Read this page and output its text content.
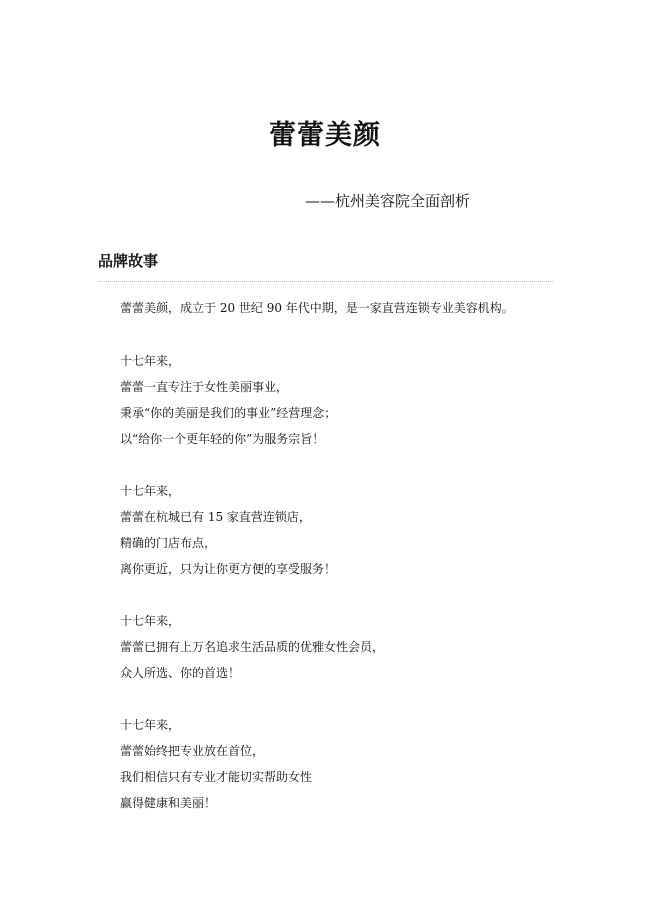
蕾蕾美颜

——杭州美容院全面剖析

品牌故事

蕾蕾美颜，成立于 20 世纪 90 年代中期，是一家直营连锁专业美容机构。

十七年来，

蕾蕾一直专注于女性美丽事业，

秉承“你的美丽是我们的事业”经营理念；

以“给你一个更年轻的你”为服务宗旨！

十七年来，

蕾蕾在杭城已有 15 家直营连锁店，

精确的门店布点，

离你更近，只为让你更方便的享受服务！

十七年来，

蕾蕾已拥有上万名追求生活品质的优雅女性会员，

众人所选、你的首选！

十七年来，

蕾蕾始终把专业放在首位，

我们相信只有专业才能切实帮助女性

赢得健康和美丽！
